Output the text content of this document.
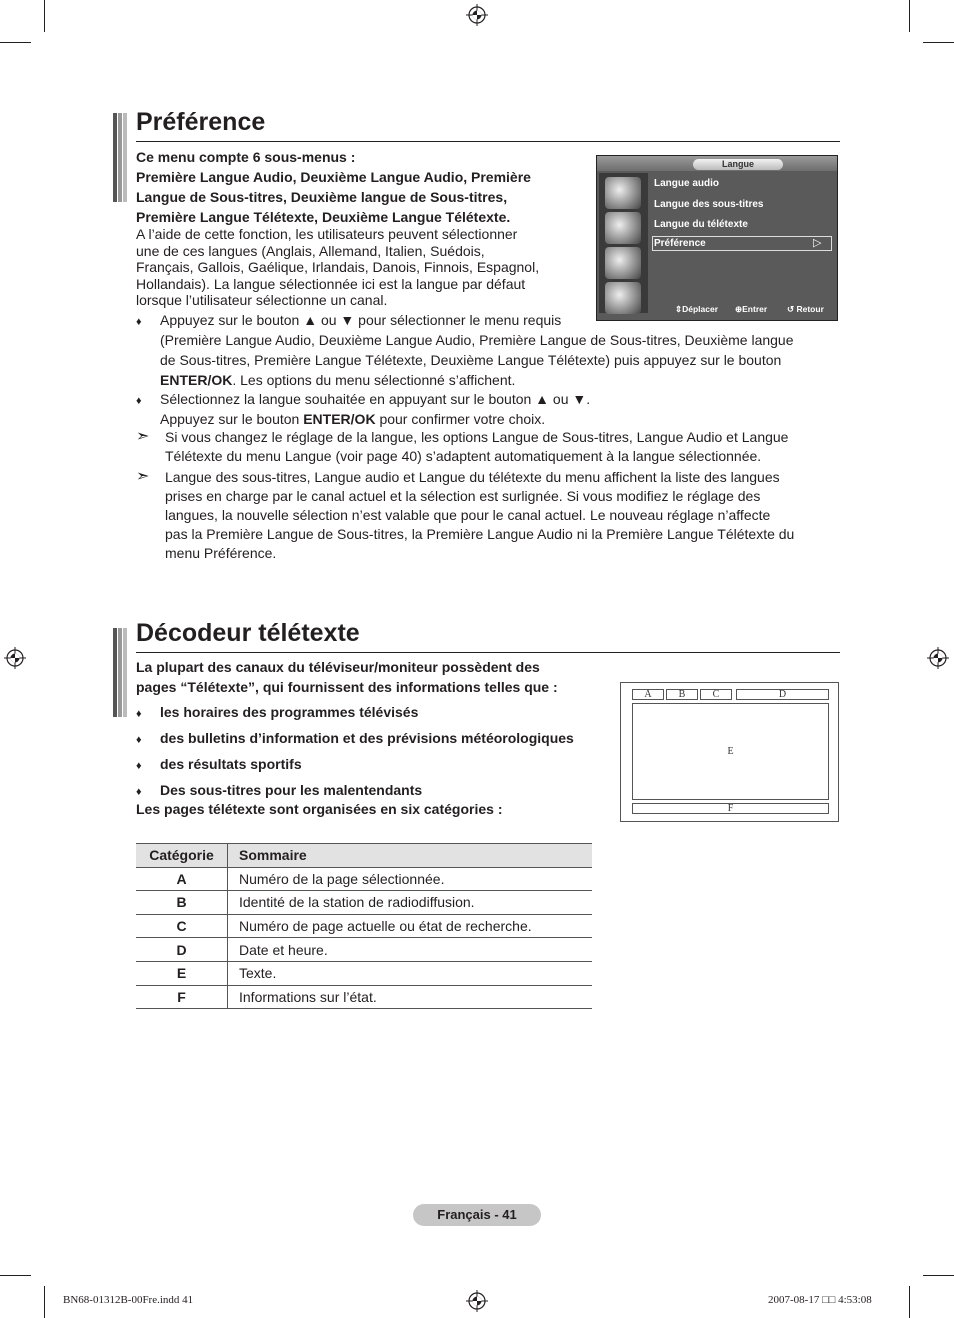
Préférence

Ce menu compte 6 sous-menus :

Première Langue Audio, Deuxième Langue Audio, Première

Langue de Sous-titres, Deuxième langue de Sous-titres,

Première Langue Télétexte, Deuxième Langue Télétexte.

A l’aide de cette fonction, les utilisateurs peuvent sélectionner

une de ces langues (Anglais, Allemand, Italien, Suédois,

Français, Gallois, Gaélique, Irlandais, Danois, Finnois, Espagnol,

Hollandais). La langue sélectionnée ici est la langue par défaut

lorsque l’utilisateur sélectionne un canal.

Langue
Langue audio
Langue des sous-titres
Langue du télétexte
Préférence	▷
⇕Déplacer ⊕Entrer ↺ Retour
♦ Appuyez sur le bouton ▲ ou ▼ pour sélectionner le menu requis

(Première Langue Audio, Deuxième Langue Audio, Première Langue de Sous-titres, Deuxième langue

de Sous-titres, Première Langue Télétexte, Deuxième Langue Télétexte) puis appuyez sur le bouton

ENTER/OK. Les options du menu sélectionné s’affichent.

♦ Sélectionnez la langue souhaitée en appuyant sur le bouton ▲ ou ▼.

Appuyez sur le bouton ENTER/OK pour confirmer votre choix.

➣ Si vous changez le réglage de la langue, les options Langue de Sous-titres, Langue Audio et Langue

Télétexte du menu Langue (voir page 40) s’adaptent automatiquement à la langue sélectionnée.

➣ Langue des sous-titres, Langue audio et Langue du télétexte du menu affichent la liste des langues

prises en charge par le canal actuel et la sélection est surlignée. Si vous modifiez le réglage des

langues, la nouvelle sélection n’est valable que pour le canal actuel. Le nouveau réglage n’affecte

pas la Première Langue de Sous-titres, la Première Langue Audio ni la Première Langue Télétexte du

menu Préférence.

Décodeur télétexte

La plupart des canaux du téléviseur/moniteur possèdent des

pages “Télétexte”, qui fournissent des informations telles que :

♦ les horaires des programmes télévisés
♦ des bulletins d’information et des prévisions météorologiques
♦ des résultats sportifs
♦ Des sous-titres pour les malentendants
Les pages télétexte sont organisées en six catégories :
A	B	C	D
E
F
Catégorie	Sommaire
A	Numéro de la page sélectionnée.
B	Identité de la station de radiodiffusion.
C	Numéro de page actuelle ou état de recherche.
D	Date et heure.
E	Texte.
F	Informations sur l’état.
Français - 41
BN68-01312B-00Fre.indd 41	2007-08-17 □□ 4:53:08
